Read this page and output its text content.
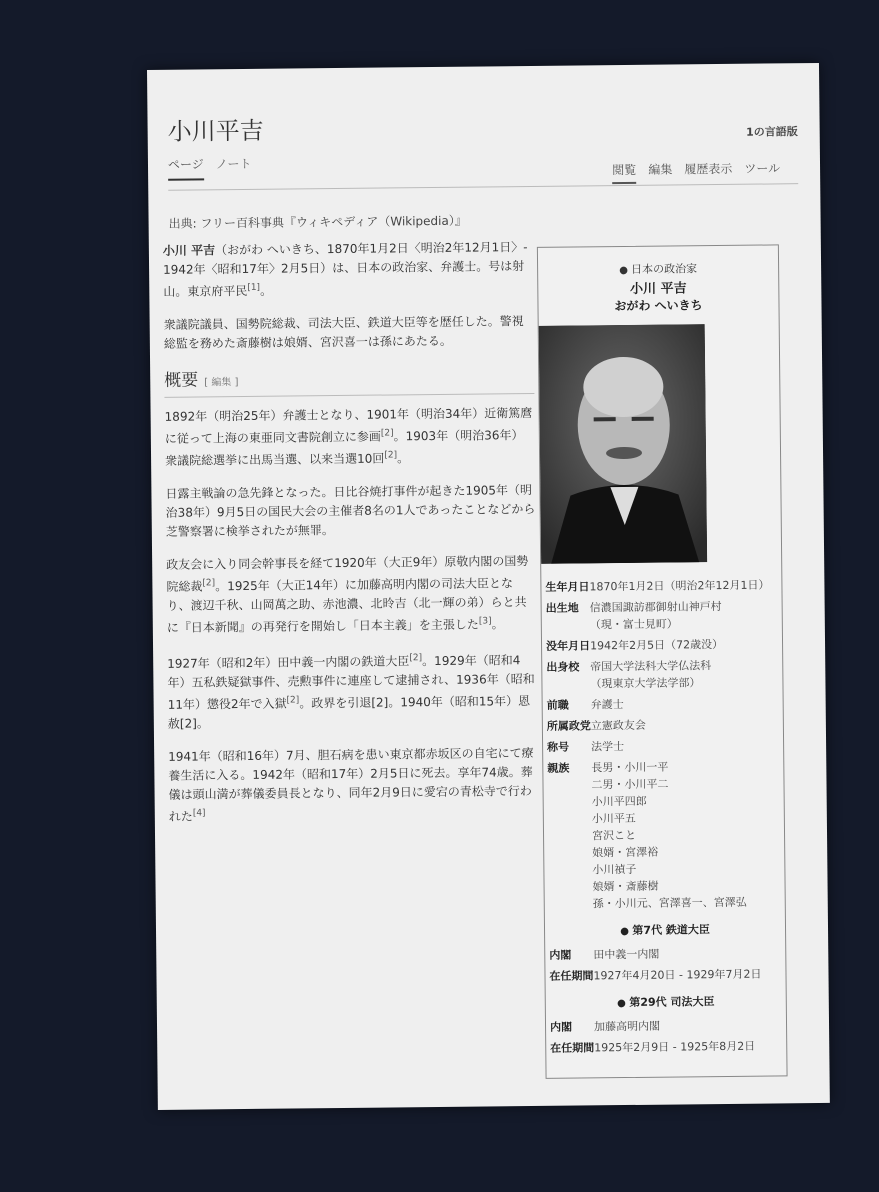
小川平吉	1の言語版
ページ ノート	閲覧 編集 履歴表示 ツール
出典: フリー百科事典『ウィキペディア（Wikipedia）』

小川 平吉（おがわ へいきち、1870年1月2日〈明治2年12月1日〉- 1942年〈昭和17年〉2月5日）は、日本の政治家、弁護士。号は射山。東京府平民[1]。

衆議院議員、国勢院総裁、司法大臣、鉄道大臣等を歴任した。警視総監を務めた斎藤樹は娘婿、宮沢喜一は孫にあたる。

概要 [ 編集 ]

1892年（明治25年）弁護士となり、1901年（明治34年）近衛篤麿に従って上海の東亜同文書院創立に参画[2]。1903年（明治36年）衆議院総選挙に出馬当選、以来当選10回[2]。

日露主戦論の急先鋒となった。日比谷焼打事件が起きた1905年（明治38年）9月5日の国民大会の主催者8名の1人であったことなどから芝警察署に検挙されたが無罪。

政友会に入り同会幹事長を経て1920年（大正9年）原敬内閣の国勢院総裁[2]。1925年（大正14年）に加藤高明内閣の司法大臣となり、渡辺千秋、山岡萬之助、赤池濃、北昤吉（北一輝の弟）らと共に『日本新聞』の再発行を開始し「日本主義」を主張した[3]。

1927年（昭和2年）田中義一内閣の鉄道大臣[2]。1929年（昭和4年）五私鉄疑獄事件、売勲事件に連座して逮捕され、1936年（昭和11年）懲役2年で入獄[2]。政界を引退[2]。1940年（昭和15年）恩赦[2]。

1941年（昭和16年）7月、胆石病を患い東京都赤坂区の自宅にて療養生活に入る。1942年（昭和17年）2月5日に死去。享年74歳。葬儀は頭山満が葬儀委員長となり、同年2月9日に愛宕の青松寺で行われた[4]

● 日本の政治家
小川 平吉
おがわ へいきち
生年月日 1870年1月2日（明治2年12月1日）
出生地 信濃国諏訪郡御射山神戸村
（現・富士見町）
没年月日 1942年2月5日（72歳没）
出身校 帝国大学法科大学仏法科
（現東京大学法学部）
前職	弁護士
所属政党 立憲政友会
称号	法学士
親族	長男・小川一平
二男・小川平二
小川平四郎
小川平五
宮沢こと
娘婿・宮澤裕
小川禎子
娘婿・斎藤樹
孫・小川元、宮澤喜一、宮澤弘
● 第7代 鉄道大臣
内閣	田中義一内閣
在任期間 1927年4月20日 - 1929年7月2日
● 第29代 司法大臣
内閣	加藤高明内閣
在任期間 1925年2月9日 - 1925年8月2日
